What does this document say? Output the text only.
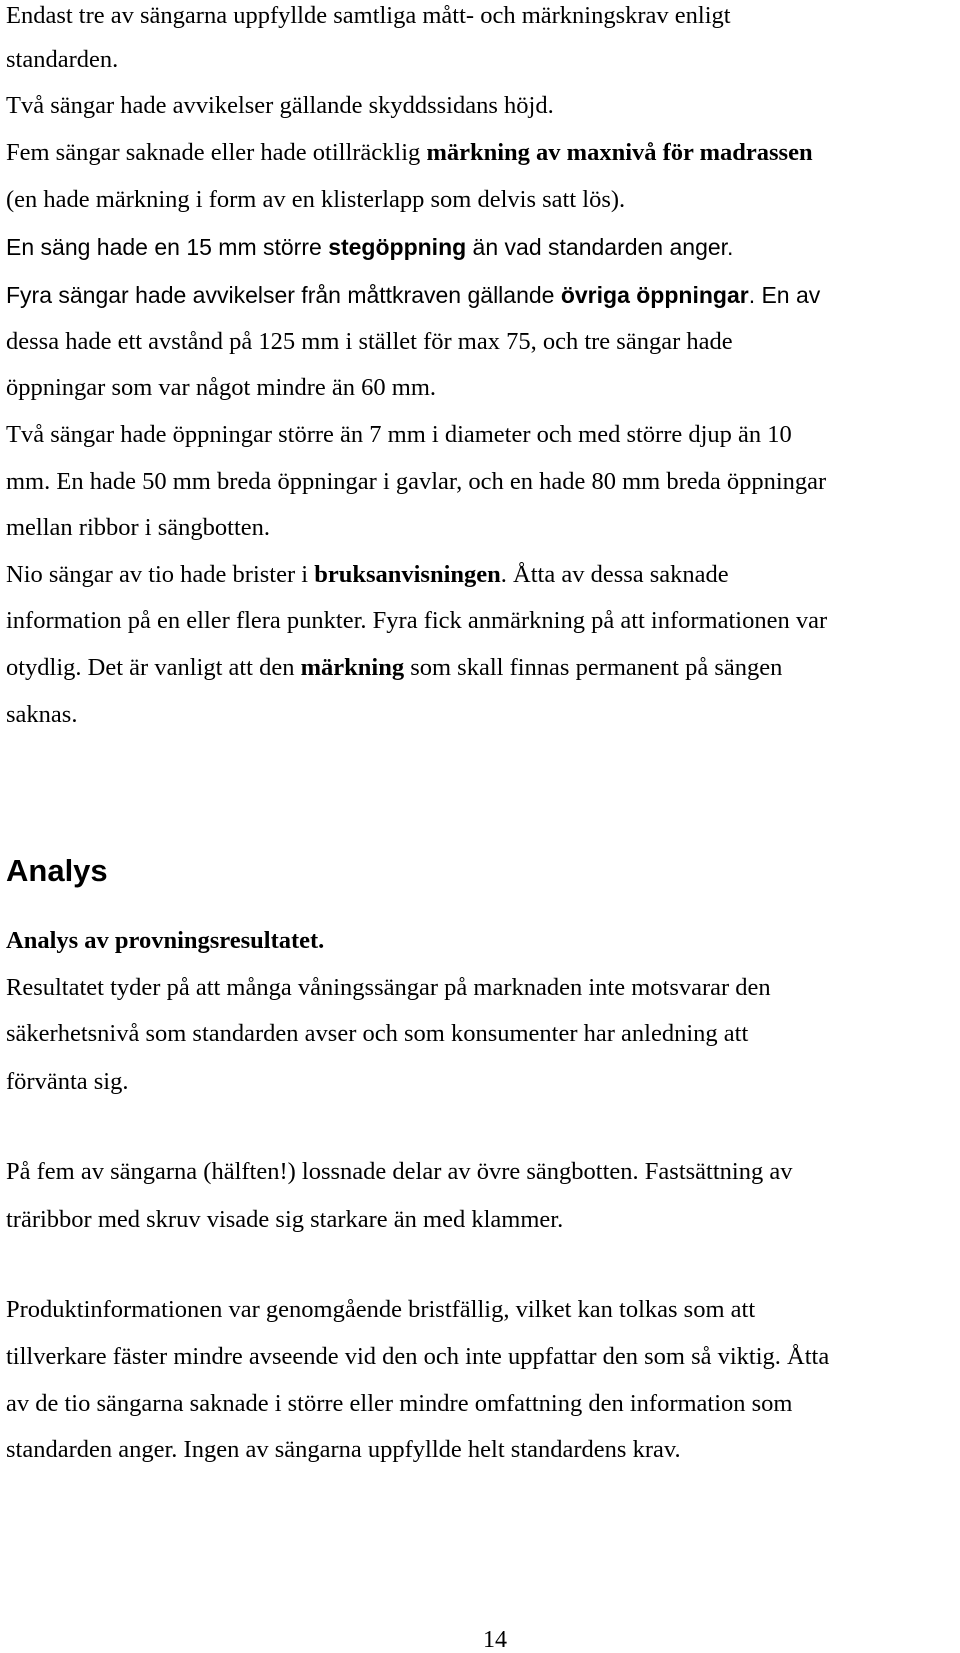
Endast tre av sängarna uppfyllde samtliga mått- och märkningskrav enligt
standarden.
Två sängar hade avvikelser gällande skyddssidans höjd.
Fem sängar saknade eller hade otillräcklig märkning av maxnivå för madrassen
(en hade märkning i form av en klisterlapp som delvis satt lös).
En säng hade en 15 mm större stegöppning än vad standarden anger.
Fyra sängar hade avvikelser från måttkraven gällande övriga öppningar. En av
dessa hade ett avstånd på 125 mm i stället för max 75, och tre sängar hade
öppningar som var något mindre än 60 mm.
Två sängar hade öppningar större än 7 mm i diameter och med större djup än 10
mm. En hade 50 mm breda öppningar i gavlar, och en hade 80 mm breda öppningar
mellan ribbor i sängbotten.
Nio sängar av tio hade brister i bruksanvisningen. Åtta av dessa saknade
information på en eller flera punkter. Fyra fick anmärkning på att informationen var
otydlig. Det är vanligt att den märkning som skall finnas permanent på sängen
saknas.
Analys
Analys av provningsresultatet.
Resultatet tyder på att många våningssängar på marknaden inte motsvarar den
säkerhetsnivå som standarden avser och som konsumenter har anledning att
förvänta sig.
På fem av sängarna (hälften!) lossnade delar av övre sängbotten. Fastsättning av
träribbor med skruv visade sig starkare än med klammer.
Produktinformationen var genomgående bristfällig, vilket kan tolkas som att
tillverkare fäster mindre avseende vid den och inte uppfattar den som så viktig. Åtta
av de tio sängarna saknade i större eller mindre omfattning den information som
standarden anger. Ingen av sängarna uppfyllde helt standardens krav.
14
